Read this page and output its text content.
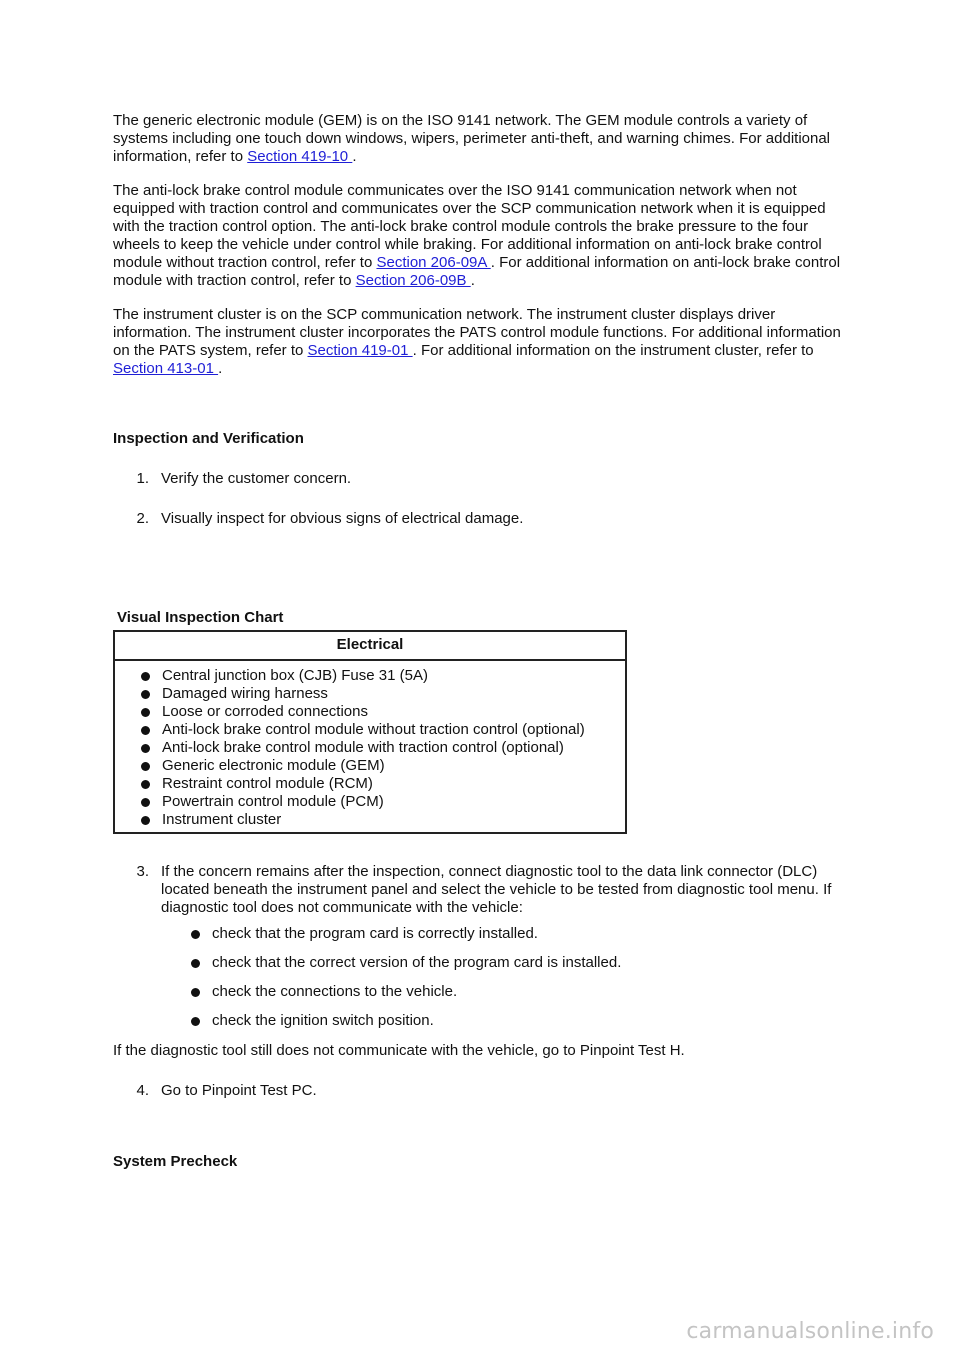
The generic electronic module (GEM) is on the ISO 9141 network. The GEM module controls a variety of systems including one touch down windows, wipers, perimeter anti-theft, and warning chimes. For additional information, refer to Section 419-10 .

The anti-lock brake control module communicates over the ISO 9141 communication network when not equipped with traction control and communicates over the SCP communication network when it is equipped with the traction control option. The anti-lock brake control module controls the brake pressure to the four wheels to keep the vehicle under control while braking. For additional information on anti-lock brake control module without traction control, refer to Section 206-09A . For additional information on anti-lock brake control module with traction control, refer to Section 206-09B .

The instrument cluster is on the SCP communication network. The instrument cluster displays driver information. The instrument cluster incorporates the PATS control module functions. For additional information on the PATS system, refer to Section 419-01 . For additional information on the instrument cluster, refer to Section 413-01 .

Inspection and Verification
1. Verify the customer concern.
2. Visually inspect for obvious signs of electrical damage.
Visual Inspection Chart
Electrical

Central junction box (CJB) Fuse 31 (5A)
Damaged wiring harness
Loose or corroded connections
Anti-lock brake control module without traction control (optional)
Anti-lock brake control module with traction control (optional)
Generic electronic module (GEM)
Restraint control module (RCM)
Powertrain control module (PCM)
Instrument cluster
3. If the concern remains after the inspection, connect diagnostic tool to the data link connector (DLC) located beneath the instrument panel and select the vehicle to be tested from diagnostic tool menu. If diagnostic tool does not communicate with the vehicle:
check that the program card is correctly installed.
check that the correct version of the program card is installed.
check the connections to the vehicle.
check the ignition switch position.

If the diagnostic tool still does not communicate with the vehicle, go to Pinpoint Test H.

4. Go to Pinpoint Test PC.
System Precheck
carmanualsonline.info
